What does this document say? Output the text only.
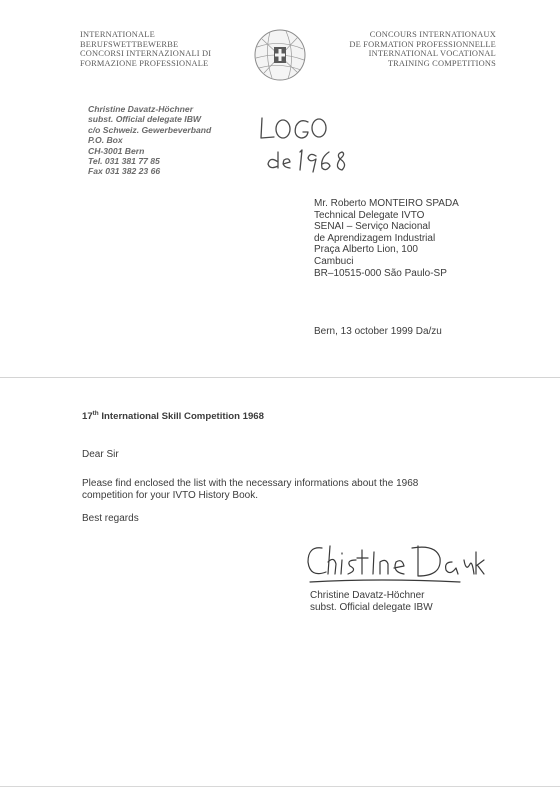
INTERNATIONALE
BERUFSWETTBEWERBE
CONCORSI INTERNAZIONALI DI
FORMAZIONE PROFESSIONALE
CONCOURS INTERNATIONAUX
DE FORMATION PROFESSIONNELLE
INTERNATIONAL VOCATIONAL
TRAINING COMPETITIONS
Christine Davatz-Höchner
subst. Official delegate IBW
c/o Schweiz. Gewerbeverband
P.O. Box
CH-3001 Bern
Tel. 031 381 77 85
Fax 031 382 23 66
Mr. Roberto MONTEIRO SPADA
Technical Delegate IVTO
SENAI – Serviço Nacional
de Aprendizagem Industrial
Praça Alberto Lion, 100
Cambuci
BR–10515-000 São Paulo-SP
Bern, 13 october 1999 Da/zu
17th International Skill Competition 1968
Dear Sir
Please find enclosed the list with the necessary informations about the 1968 competition for your IVTO History Book.
Best regards
Christine Davatz-Höchner
subst. Official delegate IBW
